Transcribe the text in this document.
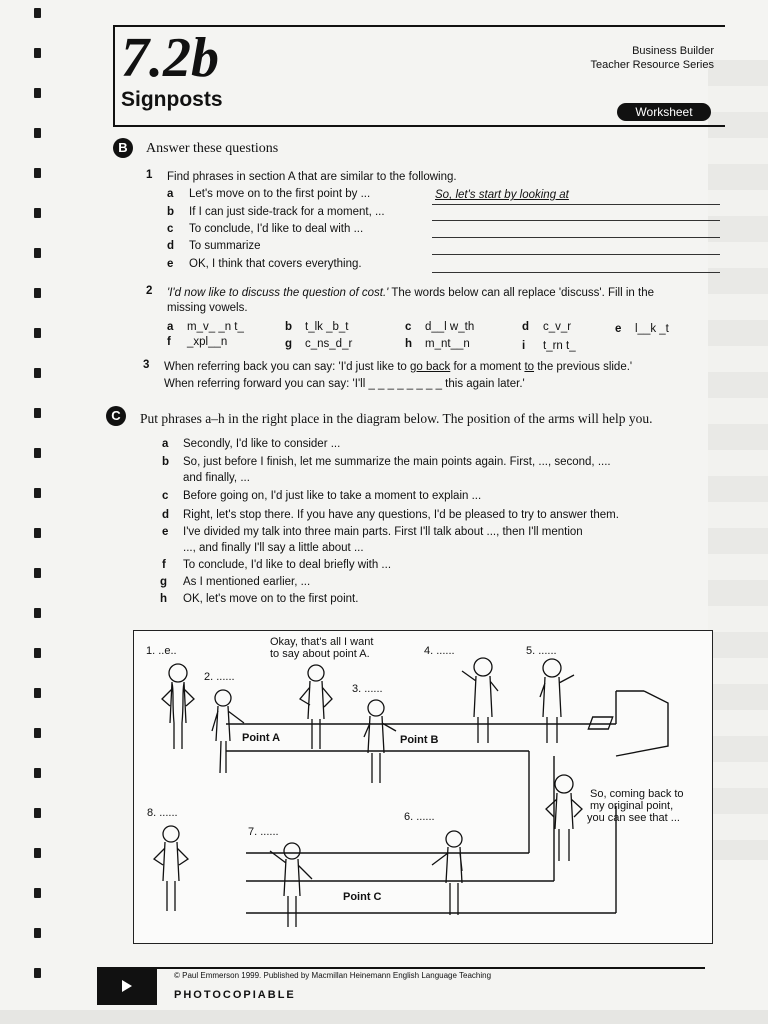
7.2b
Signposts
Business Builder
Teacher Resource Series
Worksheet
B	Answer these questions
1 Find phrases in section A that are similar to the following.
a Let's move on to the first point by ...	So, let's start by looking at
b If I can just side-track for a moment, ...
c To conclude, I'd like to deal with ...
d To summarize
e OK, I think that covers everything.
2 'I'd now like to discuss the question of cost.' The words below can all replace 'discuss'. Fill in the
missing vowels.
a m_v_ _n t_	b t_lk _b_t	c d__l w_th	d c_v_r	e l__k _t
f _xpl__n	g c_ns_d_r	h m_nt__n	i t_rn t_
3 When referring back you can say: 'I'd just like to go back for a moment to the previous slide.'
When referring forward you can say: 'I'll _ _ _ _ _ _ _ _ this again later.'
C	Put phrases a–h in the right place in the diagram below. The position of the arms will help you.
a Secondly, I'd like to consider ...
b So, just before I finish, let me summarize the main points again. First, ..., second, ....
and finally, ...
c Before going on, I'd just like to take a moment to explain ...
d Right, let's stop there. If you have any questions, I'd be pleased to try to answer them.
e I've divided my talk into three main parts. First I'll talk about ..., then I'll mention
..., and finally I'll say a little about ...
f To conclude, I'd like to deal briefly with ...
g As I mentioned earlier, ...
h OK, let's move on to the first point.
1. ..e..
2. ......
3. ......
4. ......	5. ......
6. ......
7. ......
8. ......
Okay, that's all I want
to say about point A.
So, coming back to
my original point,
you can see that ...
Point A	Point B
Point C
© Paul Emmerson 1999. Published by Macmillan Heinemann English Language Teaching
PHOTOCOPIABLE
